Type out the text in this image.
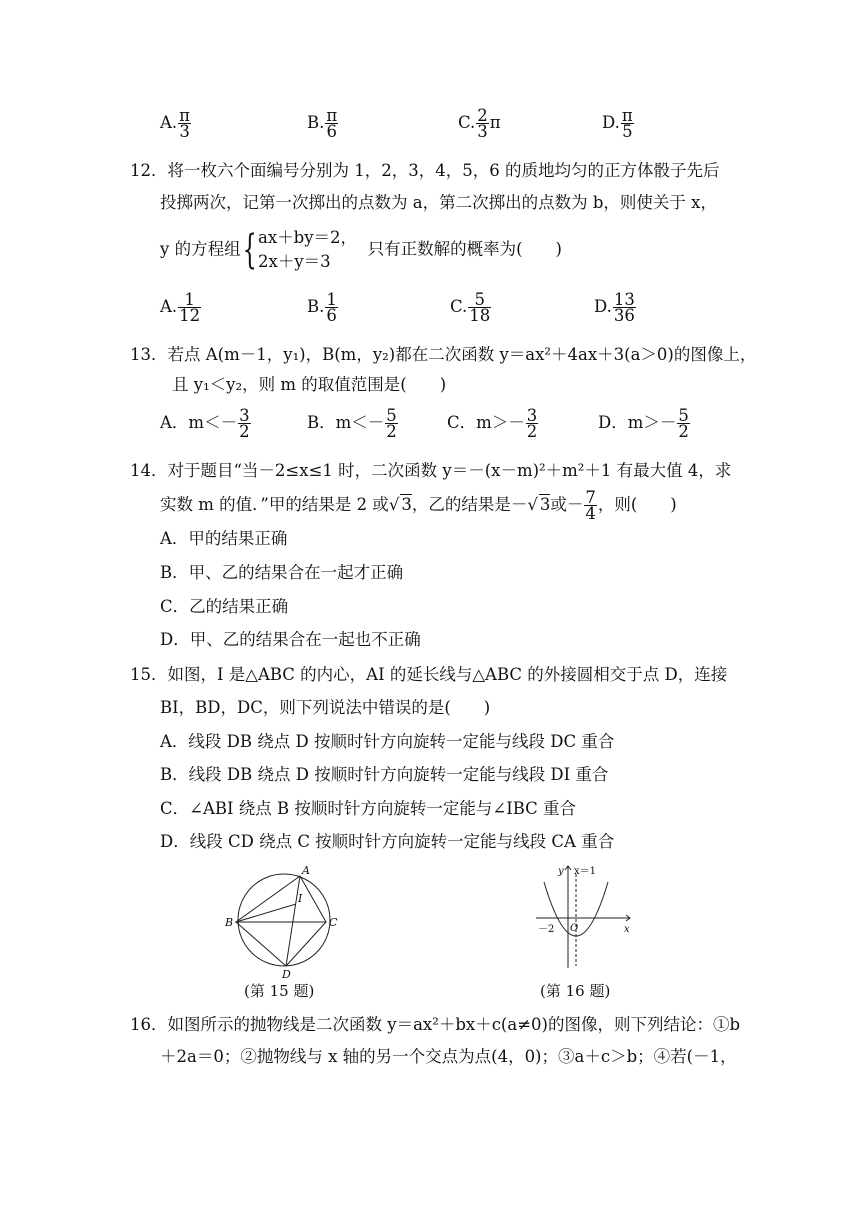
A. $\frac{\pi}{3}$	B. $\frac{\pi}{6}$	C. $\frac{2}{3}$ π	D. $\frac{\pi}{5}$
12．将一枚六个面编号分别为 1，2，3，4，5，6 的质地均匀的正方体骰子先后
投掷两次，记第一次掷出的点数为 a，第二次掷出的点数为 b，则使关于 x，
y 的方程组{ ax＋by＝2，
2x＋y＝3
只有正数解的概率为(　　)
A. $\frac{1}{12}$	B. $\frac{1}{6}$	C. $\frac{5}{18}$	D. $\frac{13}{36}$
13．若点 A(m－1，y₁)，B(m，y₂)都在二次函数 y＝ax²＋4ax＋3(a＞0)的图像上，
且 y₁＜y₂，则 m 的取值范围是(　　)
A．$m<- \frac{3}{2}$	B．$m<- \frac{5}{2}$	C．$m>- \frac{3}{2}$	D．$m>- \frac{5}{2}$
14．对于题目“当－2≤x≤1 时，二次函数 y＝－(x－m)²＋m²＋1 有最大值 4，求
实数 m 的值．”甲的结果是 2 或√ 3，乙的结果是－√ 3或－ $\frac{7}{4}$ ，则(　　)
A．甲的结果正确
B．甲、乙的结果合在一起才正确
C．乙的结果正确
D．甲、乙的结果合在一起也不正确
15．如图，I 是△ABC 的内心，AI 的延长线与△ABC 的外接圆相交于点 D，连接
BI，BD，DC，则下列说法中错误的是(　　)
A．线段 DB 绕点 D 按顺时针方向旋转一定能与线段 DC 重合
B．线段 DB 绕点 D 按顺时针方向旋转一定能与线段 DI 重合
C．∠ABI 绕点 B 按顺时针方向旋转一定能与∠IBC 重合
D．线段 CD 绕点 C 按顺时针方向旋转一定能与线段 CA 重合
A
B	C
D
I
(第 15 题)
y x＝1
x
O
－2
(第 16 题)
16．如图所示的抛物线是二次函数 y＝ax²＋bx＋c(a≠0)的图像，则下列结论：①b
＋2a＝0；②抛物线与 x 轴的另一个交点为点(4，0)；③a＋c＞b；④若(－1，
